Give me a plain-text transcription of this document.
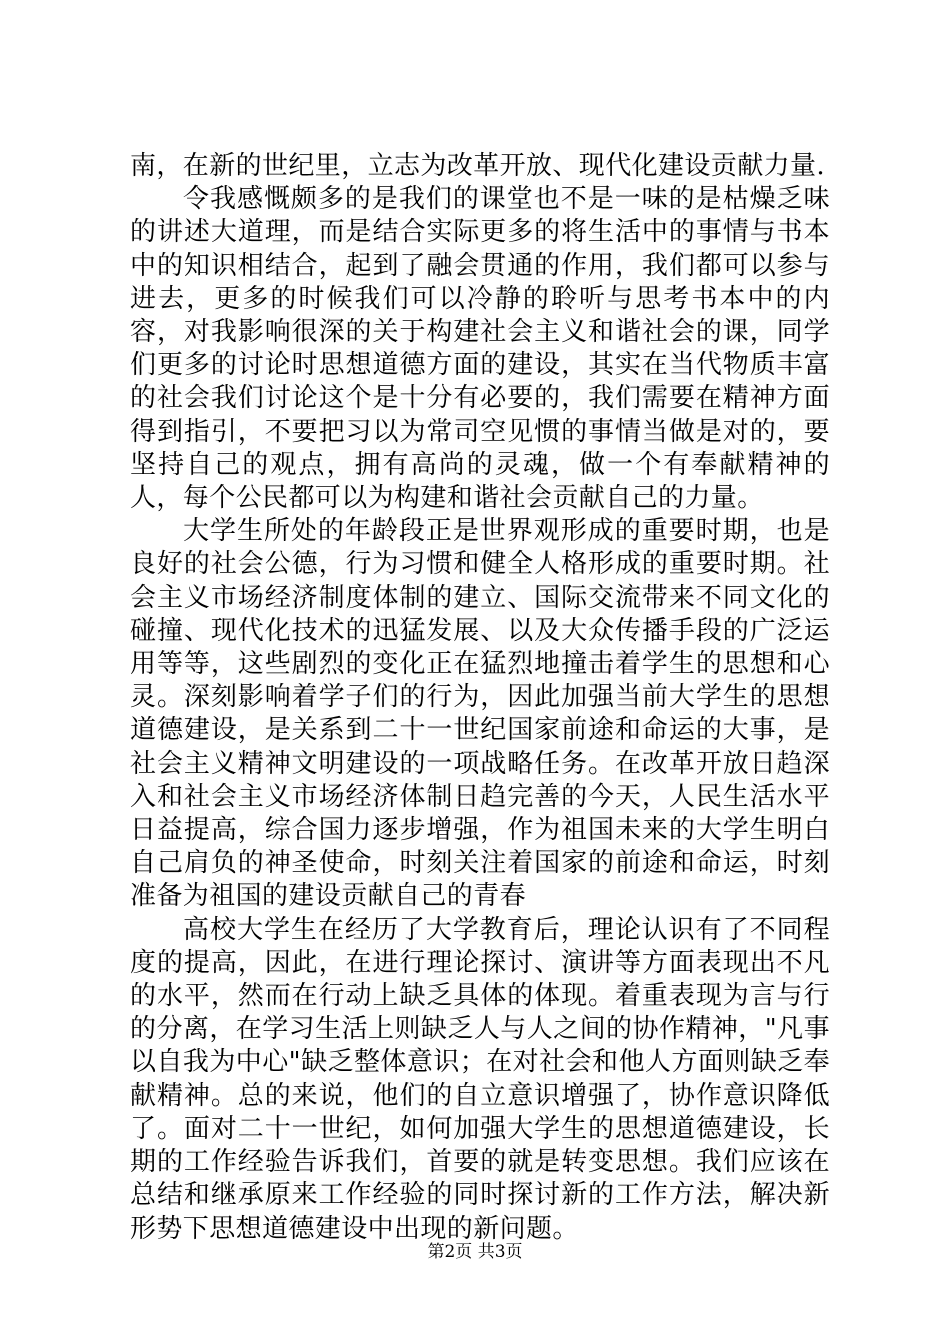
南，在新的世纪里，立志为改革开放、现代化建设贡献力量.

令我感慨颇多的是我们的课堂也不是一味的是枯燥乏味的讲述大道理，而是结合实际更多的将生活中的事情与书本中的知识相结合，起到了融会贯通的作用，我们都可以参与进去，更多的时候我们可以冷静的聆听与思考书本中的内容，对我影响很深的关于构建社会主义和谐社会的课，同学们更多的讨论时思想道德方面的建设，其实在当代物质丰富的社会我们讨论这个是十分有必要的，我们需要在精神方面得到指引，不要把习以为常司空见惯的事情当做是对的，要坚持自己的观点，拥有高尚的灵魂，做一个有奉献精神的人，每个公民都可以为构建和谐社会贡献自己的力量。

大学生所处的年龄段正是世界观形成的重要时期，也是良好的社会公德，行为习惯和健全人格形成的重要时期。社会主义市场经济制度体制的建立、国际交流带来不同文化的碰撞、现代化技术的迅猛发展、以及大众传播手段的广泛运用等等，这些剧烈的变化正在猛烈地撞击着学生的思想和心灵。深刻影响着学子们的行为，因此加强当前大学生的思想道德建设，是关系到二十一世纪国家前途和命运的大事，是社会主义精神文明建设的一项战略任务。在改革开放日趋深入和社会主义市场经济体制日趋完善的今天，人民生活水平日益提高，综合国力逐步增强，作为祖国未来的大学生明白自己肩负的神圣使命，时刻关注着国家的前途和命运，时刻准备为祖国的建设贡献自己的青春

高校大学生在经历了大学教育后，理论认识有了不同程度的提高，因此，在进行理论探讨、演讲等方面表现出不凡的水平，然而在行动上缺乏具体的体现。着重表现为言与行的分离，在学习生活上则缺乏人与人之间的协作精神，"凡事以自我为中心"缺乏整体意识；在对社会和他人方面则缺乏奉献精神。总的来说，他们的自立意识增强了，协作意识降低了。面对二十一世纪，如何加强大学生的思想道德建设，长期的工作经验告诉我们，首要的就是转变思想。我们应该在总结和继承原来工作经验的同时探讨新的工作方法，解决新形势下思想道德建设中出现的新问题。

第2页 共3页
